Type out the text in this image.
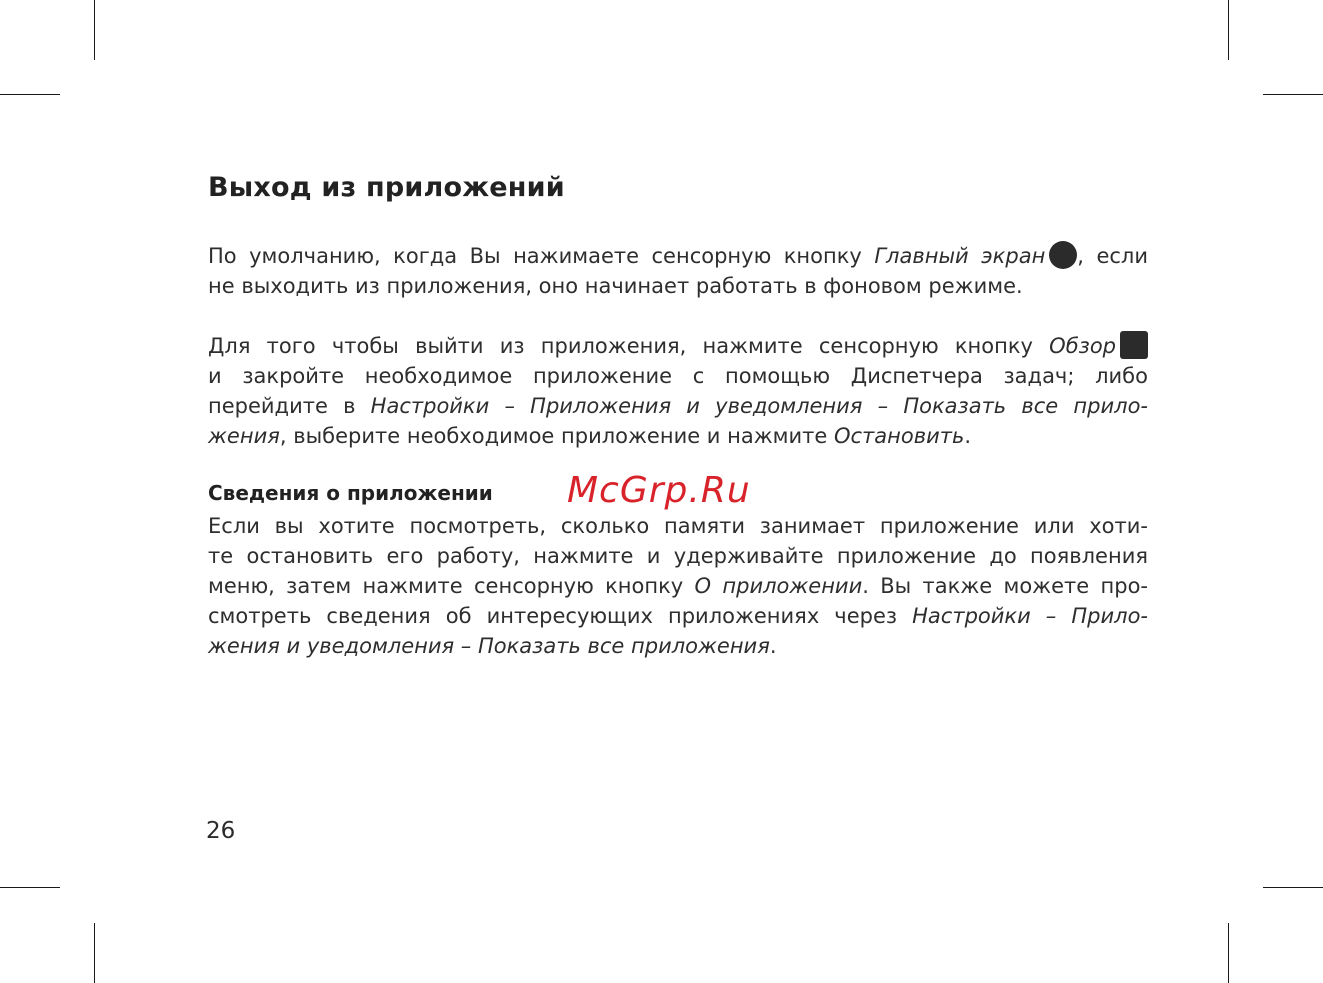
Выход из приложений

По умолчанию, когда Вы нажимаете сенсорную кнопку Главный экран , если
не выходить из приложения, оно начинает работать в фоновом режиме.

Для того чтобы выйти из приложения, нажмите сенсорную кнопку Обзор
и закройте необходимое приложение с помощью Диспетчера задач; либо
перейдите в Настройки – Приложения и уведомления – Показать все прило-
жения, выберите необходимое приложение и нажмите Остановить.

Сведения о приложении

Если вы хотите посмотреть, сколько памяти занимает приложение или хоти-
те остановить его работу, нажмите и удерживайте приложение до появления
меню, затем нажмите сенсорную кнопку О приложении. Вы также можете про-
смотреть сведения об интересующих приложениях через Настройки – Прило-
жения и уведомления – Показать все приложения.

McGrp.Ru
26
